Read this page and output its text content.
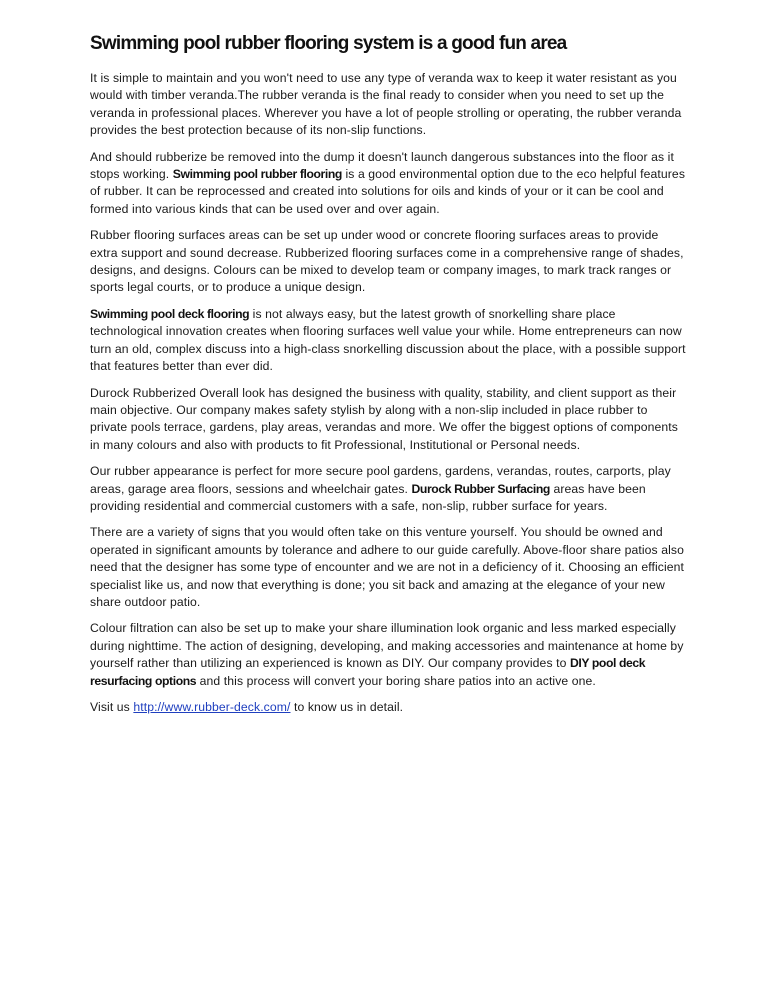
Swimming pool rubber flooring system is a good fun area

It is simple to maintain and you won't need to use any type of veranda wax to keep it water resistant as you would with timber veranda.The rubber veranda is the final ready to consider when you need to set up the veranda in professional places. Wherever you have a lot of people strolling or operating, the rubber veranda provides the best protection because of its non-slip functions.

And should rubberize be removed into the dump it doesn't launch dangerous substances into the floor as it stops working. Swimming pool rubber flooring is a good environmental option due to the eco helpful features of rubber. It can be reprocessed and created into solutions for oils and kinds of your or it can be cool and formed into various kinds that can be used over and over again.

Rubber flooring surfaces areas can be set up under wood or concrete flooring surfaces areas to provide extra support and sound decrease. Rubberized flooring surfaces come in a comprehensive range of shades, designs, and designs. Colours can be mixed to develop team or company images, to mark track ranges or sports legal courts, or to produce a unique design.

Swimming pool deck flooring is not always easy, but the latest growth of snorkelling share place technological innovation creates when flooring surfaces well value your while. Home entrepreneurs can now turn an old, complex discuss into a high-class snorkelling discussion about the place, with a possible support that features better than ever did.

Durock Rubberized Overall look has designed the business with quality, stability, and client support as their main objective. Our company makes safety stylish by along with a non-slip included in place rubber to private pools terrace, gardens, play areas, verandas and more. We offer the biggest options of components in many colours and also with products to fit Professional, Institutional or Personal needs.

Our rubber appearance is perfect for more secure pool gardens, gardens, verandas, routes, carports, play areas, garage area floors, sessions and wheelchair gates. Durock Rubber Surfacing areas have been providing residential and commercial customers with a safe, non-slip, rubber surface for years.

There are a variety of signs that you would often take on this venture yourself. You should be owned and operated in significant amounts by tolerance and adhere to our guide carefully. Above-floor share patios also need that the designer has some type of encounter and we are not in a deficiency of it. Choosing an efficient specialist like us, and now that everything is done; you sit back and amazing at the elegance of your new share outdoor patio.

Colour filtration can also be set up to make your share illumination look organic and less marked especially during nighttime. The action of designing, developing, and making accessories and maintenance at home by yourself rather than utilizing an experienced is known as DIY. Our company provides to DIY pool deck resurfacing options and this process will convert your boring share patios into an active one.

Visit us http://www.rubber-deck.com/ to know us in detail.
